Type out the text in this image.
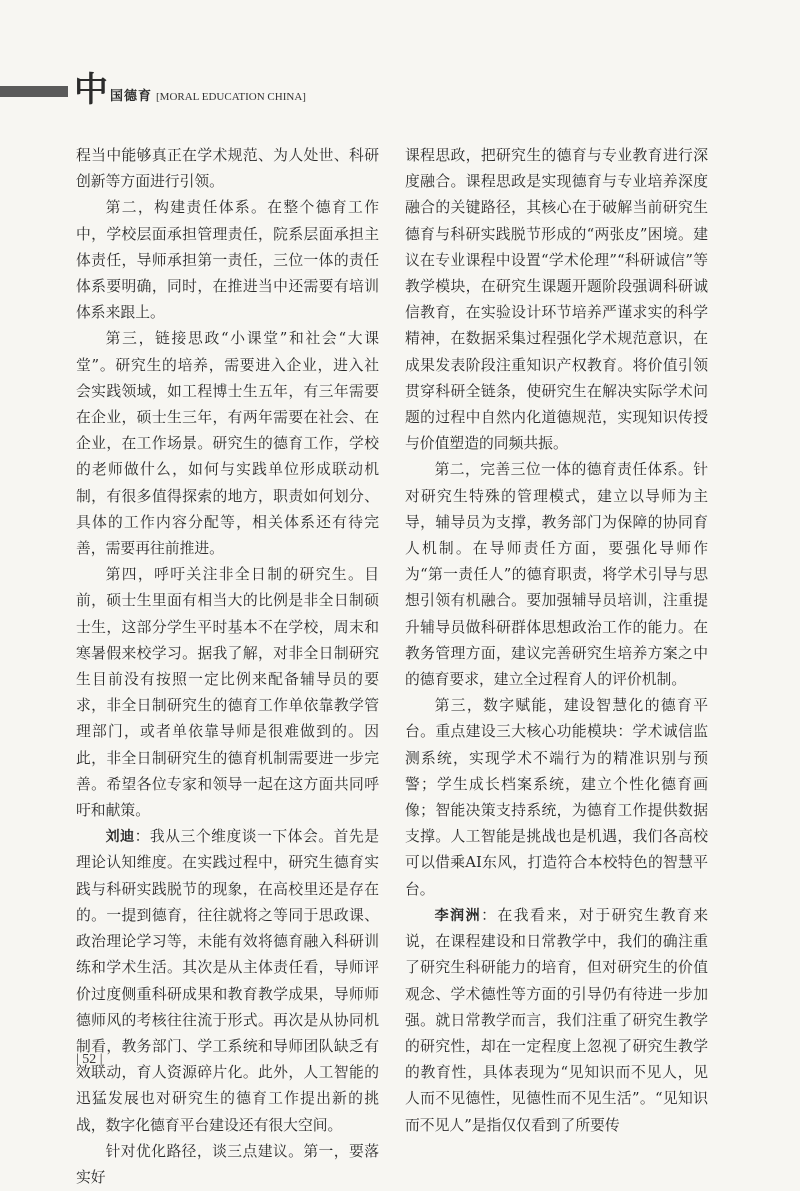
中 国德育 [MORAL EDUCATION CHINA]

程当中能够真正在学术规范、为人处世、科研创新等方面进行引领。

第二，构建责任体系。在整个德育工作中，学校层面承担管理责任，院系层面承担主体责任，导师承担第一责任，三位一体的责任体系要明确，同时，在推进当中还需要有培训体系来跟上。

第三，链接思政“小课堂”和社会“大课堂”。研究生的培养，需要进入企业，进入社会实践领域，如工程博士生五年，有三年需要在企业，硕士生三年，有两年需要在社会、在企业，在工作场景。研究生的德育工作，学校的老师做什么，如何与实践单位形成联动机制，有很多值得探索的地方，职责如何划分、具体的工作内容分配等，相关体系还有待完善，需要再往前推进。

第四，呼吁关注非全日制的研究生。目前，硕士生里面有相当大的比例是非全日制硕士生，这部分学生平时基本不在学校，周末和寒暑假来校学习。据我了解，对非全日制研究生目前没有按照一定比例来配备辅导员的要求，非全日制研究生的德育工作单依靠教学管理部门，或者单依靠导师是很难做到的。因此，非全日制研究生的德育机制需要进一步完善。希望各位专家和领导一起在这方面共同呼吁和献策。

刘迪：我从三个维度谈一下体会。首先是理论认知维度。在实践过程中，研究生德育实践与科研实践脱节的现象，在高校里还是存在的。一提到德育，往往就将之等同于思政课、政治理论学习等，未能有效将德育融入科研训练和学术生活。其次是从主体责任看，导师评价过度侧重科研成果和教育教学成果，导师师德师风的考核往往流于形式。再次是从协同机制看，教务部门、学工系统和导师团队缺乏有效联动，育人资源碎片化。此外，人工智能的迅猛发展也对研究生的德育工作提出新的挑战，数字化德育平台建设还有很大空间。

针对优化路径，谈三点建议。第一，要落实好

课程思政，把研究生的德育与专业教育进行深度融合。课程思政是实现德育与专业培养深度融合的关键路径，其核心在于破解当前研究生德育与科研实践脱节形成的“两张皮”困境。建议在专业课程中设置“学术伦理”“科研诚信”等教学模块，在研究生课题开题阶段强调科研诚信教育，在实验设计环节培养严谨求实的科学精神，在数据采集过程强化学术规范意识，在成果发表阶段注重知识产权教育。将价值引领贯穿科研全链条，使研究生在解决实际学术问题的过程中自然内化道德规范，实现知识传授与价值塑造的同频共振。

第二，完善三位一体的德育责任体系。针对研究生特殊的管理模式，建立以导师为主导，辅导员为支撑，教务部门为保障的协同育人机制。在导师责任方面，要强化导师作为“第一责任人”的德育职责，将学术引导与思想引领有机融合。要加强辅导员培训，注重提升辅导员做科研群体思想政治工作的能力。在教务管理方面，建议完善研究生培养方案之中的德育要求，建立全过程育人的评价机制。

第三，数字赋能，建设智慧化的德育平台。重点建设三大核心功能模块：学术诚信监测系统，实现学术不端行为的精准识别与预警；学生成长档案系统，建立个性化德育画像；智能决策支持系统，为德育工作提供数据支撑。人工智能是挑战也是机遇，我们各高校可以借乘AI东风，打造符合本校特色的智慧平台。

李润洲：在我看来，对于研究生教育来说，在课程建设和日常教学中，我们的确注重了研究生科研能力的培育，但对研究生的价值观念、学术德性等方面的引导仍有待进一步加强。就日常教学而言，我们注重了研究生教学的研究性，却在一定程度上忽视了研究生教学的教育性，具体表现为“见知识而不见人，见人而不见德性，见德性而不见生活”。“见知识而不见人”是指仅仅看到了所要传

| 52 |
